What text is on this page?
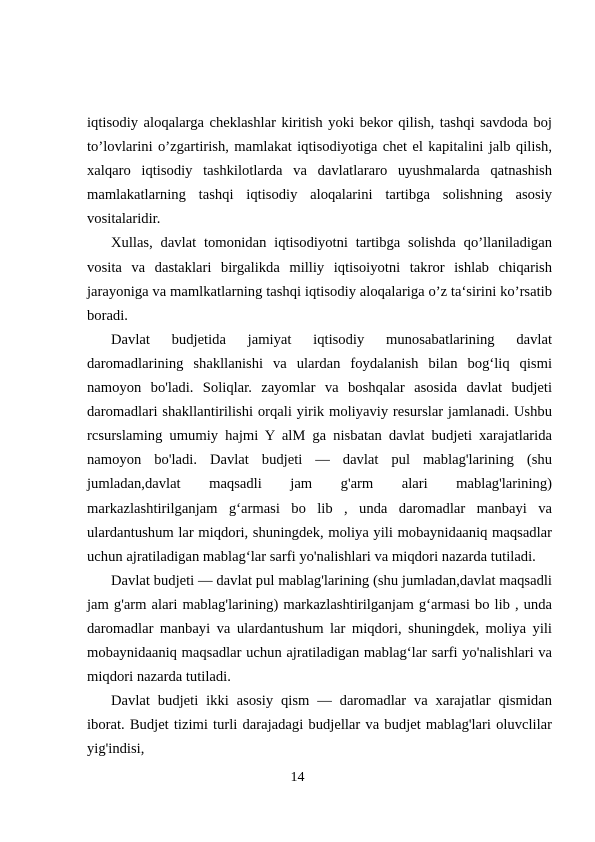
iqtisodiy aloqalarga cheklashlar kiritish yoki bekor qilish, tashqi savdoda boj to’lovlarini o’zgartirish, mamlakat iqtisodiyotiga chet el kapitalini jalb qilish, xalqaro iqtisodiy tashkilotlarda va davlatlararo uyushmalarda qatnashish mamlakatlarning tashqi iqtisodiy aloqalarini tartibga solishning asosiy vositalaridir.

Xullas, davlat tomonidan iqtisodiyotni tartibga solishda qo’llaniladigan vosita va dastaklari birgalikda milliy iqtisoiyotni takror ishlab chiqarish jarayoniga va mamlkatlarning tashqi iqtisodiy aloqalariga o’z ta‘sirini ko’rsatib boradi.

Davlat budjetida jamiyat iqtisodiy munosabatlarining davlat daromadlarining shakllanishi va ulardan foydalanish bilan bog‘liq qismi namoyon bo'ladi. Soliqlar. zayomlar va boshqalar asosida davlat budjeti daromadlari shakllantirilishi orqali yirik moliyaviy resurslar jamlanadi. Ushbu rcsurslaming umumiy hajmi Y alM ga nisbatan davlat budjeti xarajatlarida namoyon bo'ladi. Davlat budjeti — davlat pul mablag'larining (shu jumladan,davlat maqsadli jam g'arm alari mablag'larining) markazlashtirilganjam g‘armasi bo lib , unda daromadlar manbayi va ulardantushum lar miqdori, shuningdek, moliya yili mobaynidaaniq maqsadlar uchun ajratiladigan mablag‘lar sarfi yo'nalishlari va miqdori nazarda tutiladi.

Davlat budjeti — davlat pul mablag'larining (shu jumladan,davlat maqsadli jam g'arm alari mablag'larining) markazlashtirilganjam g‘armasi bo lib , unda daromadlar manbayi va ulardantushum lar miqdori, shuningdek, moliya yili mobaynidaaniq maqsadlar uchun ajratiladigan mablag‘lar sarfi yo'nalishlari va miqdori nazarda tutiladi.

Davlat budjeti ikki asosiy qism — daromadlar va xarajatlar qismidan iborat. Budjet tizimi turli darajadagi budjellar va budjet mablag'lari oluvclilar yig'indisi,

14
